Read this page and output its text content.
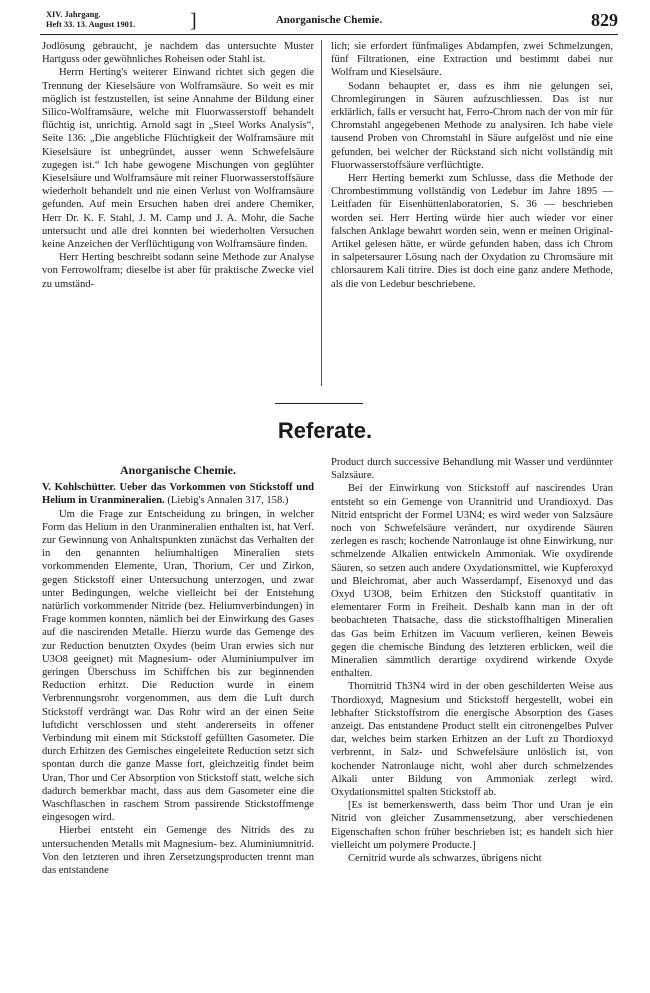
XIV. Jahrgang.
Heft 33. 13. August 1901.	]	Anorganische Chemie.	829

Jodlösung gebraucht, je nachdem das untersuchte Muster Hartguss oder gewöhnliches Roheisen oder Stahl ist.

Herrn Herting's weiterer Einwand richtet sich gegen die Trennung der Kieselsäure von Wolframsäure. So weit es mir möglich ist festzustellen, ist seine Annahme der Bildung einer Silico-Wolframsäure, welche mit Fluorwasserstoff behandelt flüchtig ist, unrichtig. Arnold sagt in „Steel Works Analysis“, Seite 136: „Die angebliche Flüchtigkeit der Wolframsäure mit Kieselsäure ist unbegründet, ausser wenn Schwefelsäure zugegen ist.“ Ich habe gewogene Mischungen von geglühter Kieselsäure und Wolframsäure mit reiner Fluorwasserstoffsäure wiederholt behandelt und nie einen Verlust von Wolframsäure gefunden. Auf mein Ersuchen haben drei andere Chemiker, Herr Dr. K. F. Stahl, J. M. Camp und J. A. Mohr, die Sache untersucht und alle drei konnten bei wiederholten Versuchen keine Anzeichen der Verflüchtigung von Wolframsäure finden.

Herr Herting beschreibt sodann seine Methode zur Analyse von Ferrowolfram; dieselbe ist aber für praktische Zwecke viel zu umständ-

lich; sie erfordert fünfmaliges Abdampfen, zwei Schmelzungen, fünf Filtrationen, eine Extraction und bestimmt dabei nur Wolfram und Kieselsäure.

Sodann behauptet er, dass es ihm nie gelungen sei, Chromlegirungen in Säuren aufzuschliessen. Das ist nur erklärlich, falls er versucht hat, Ferro-Chrom nach der von mir für Chromstahl angegebenen Methode zu analysiren. Ich habe viele tausend Proben von Chromstahl in Säure aufgelöst und nie eine gefunden, bei welcher der Rückstand sich nicht vollständig mit Fluorwasserstoffsäure verflüchtigte.

Herr Herting bemerkt zum Schlusse, dass die Methode der Chrombestimmung vollständig von Ledebur im Jahre 1895 — Leitfaden für Eisenhüttenlaboratorien, S. 36 — beschrieben worden sei. Herr Herting würde hier auch wieder vor einer falschen Anklage bewahrt worden sein, wenn er meinen Original-Artikel gelesen hätte, er würde gefunden haben, dass ich Chrom in salpetersaurer Lösung nach der Oxydation zu Chromsäure mit chlorsaurem Kali titrire. Dies ist doch eine ganz andere Methode, als die von Ledebur beschriebene.

Referate.
Anorganische Chemie.

V. Kohlschütter. Ueber das Vorkommen von Stickstoff und Helium in Uranmineralien. (Liebig's Annalen 317, 158.)

Um die Frage zur Entscheidung zu bringen, in welcher Form das Helium in den Uranmineralien enthalten ist, hat Verf. zur Gewinnung von Anhaltspunkten zunächst das Verhalten der in den genannten heliumhaltigen Mineralien stets vorkommenden Elemente, Uran, Thorium, Cer und Zirkon, gegen Stickstoff einer Untersuchung unterzogen, und zwar unter Bedingungen, welche vielleicht bei der Entstehung natürlich vorkommender Nitride (bez. Heliumverbindungen) in Frage kommen konnten, nämlich bei der Einwirkung des Gases auf die nascirenden Metalle. Hierzu wurde das Gemenge des zur Reduction benutzten Oxydes (beim Uran erwies sich nur U3O8 geeignet) mit Magnesium- oder Aluminiumpulver im geringen Überschuss im Schiffchen bis zur beginnenden Reduction erhitzt. Die Reduction wurde in einem Verbrennungsrohr vorgenommen, aus dem die Luft durch Stickstoff verdrängt war. Das Rohr wird an der einen Seite luftdicht verschlossen und steht andererseits in offener Verbindung mit einem mit Stickstoff gefüllten Gasometer. Die durch Erhitzen des Gemisches eingeleitete Reduction setzt sich spontan durch die ganze Masse fort, gleichzeitig findet beim Uran, Thor und Cer Absorption von Stickstoff statt, welche sich dadurch bemerkbar macht, dass aus dem Gasometer eine die Waschflaschen in raschem Strom passirende Stickstoffmenge eingesogen wird.

Hierbei entsteht ein Gemenge des Nitrids des zu untersuchenden Metalls mit Magnesium- bez. Aluminiumnitrid. Von den letzteren und ihren Zersetzungsproducten trennt man das entstandene

Product durch successive Behandlung mit Wasser und verdünnter Salzsäure.

Bei der Einwirkung von Stickstoff auf nascirendes Uran entsteht so ein Gemenge von Urannitrid und Urandioxyd. Das Nitrid entspricht der Formel U3N4; es wird weder von Salzsäure noch von Schwefelsäure verändert, nur oxydirende Säuren zerlegen es rasch; kochende Natronlauge ist ohne Einwirkung, nur schmelzende Alkalien entwickeln Ammoniak. Wie oxydirende Säuren, so setzen auch andere Oxydationsmittel, wie Kupferoxyd und Bleichromat, aber auch Wasserdampf, Eisenoxyd und das Oxyd U3O8, beim Erhitzen den Stickstoff quantitativ in elementarer Form in Freiheit. Deshalb kann man in der oft beobachteten Thatsache, dass die stickstoffhaltigen Mineralien das Gas beim Erhitzen im Vacuum verlieren, keinen Beweis gegen die chemische Bindung des letzteren erblicken, weil die Mineralien sämmtlich derartige oxydirend wirkende Oxyde enthalten.

Thornitrid Th3N4 wird in der oben geschilderten Weise aus Thordioxyd, Magnesium und Stickstoff hergestellt, wobei ein lebhafter Stickstoffstrom die energische Absorption des Gases anzeigt. Das entstandene Product stellt ein citronengelbes Pulver dar, welches beim starken Erhitzen an der Luft zu Thordioxyd verbrennt, in Salz- und Schwefelsäure unlöslich ist, von kochender Natronlauge nicht, wohl aber durch schmelzendes Alkali unter Bildung von Ammoniak zerlegt wird. Oxydationsmittel spalten Stickstoff ab.

[Es ist bemerkenswerth, dass beim Thor und Uran je ein Nitrid von gleicher Zusammensetzung, aber verschiedenen Eigenschaften schon früher beschrieben ist; es handelt sich hier vielleicht um polymere Producte.]

Cernitrid wurde als schwarzes, übrigens nicht
